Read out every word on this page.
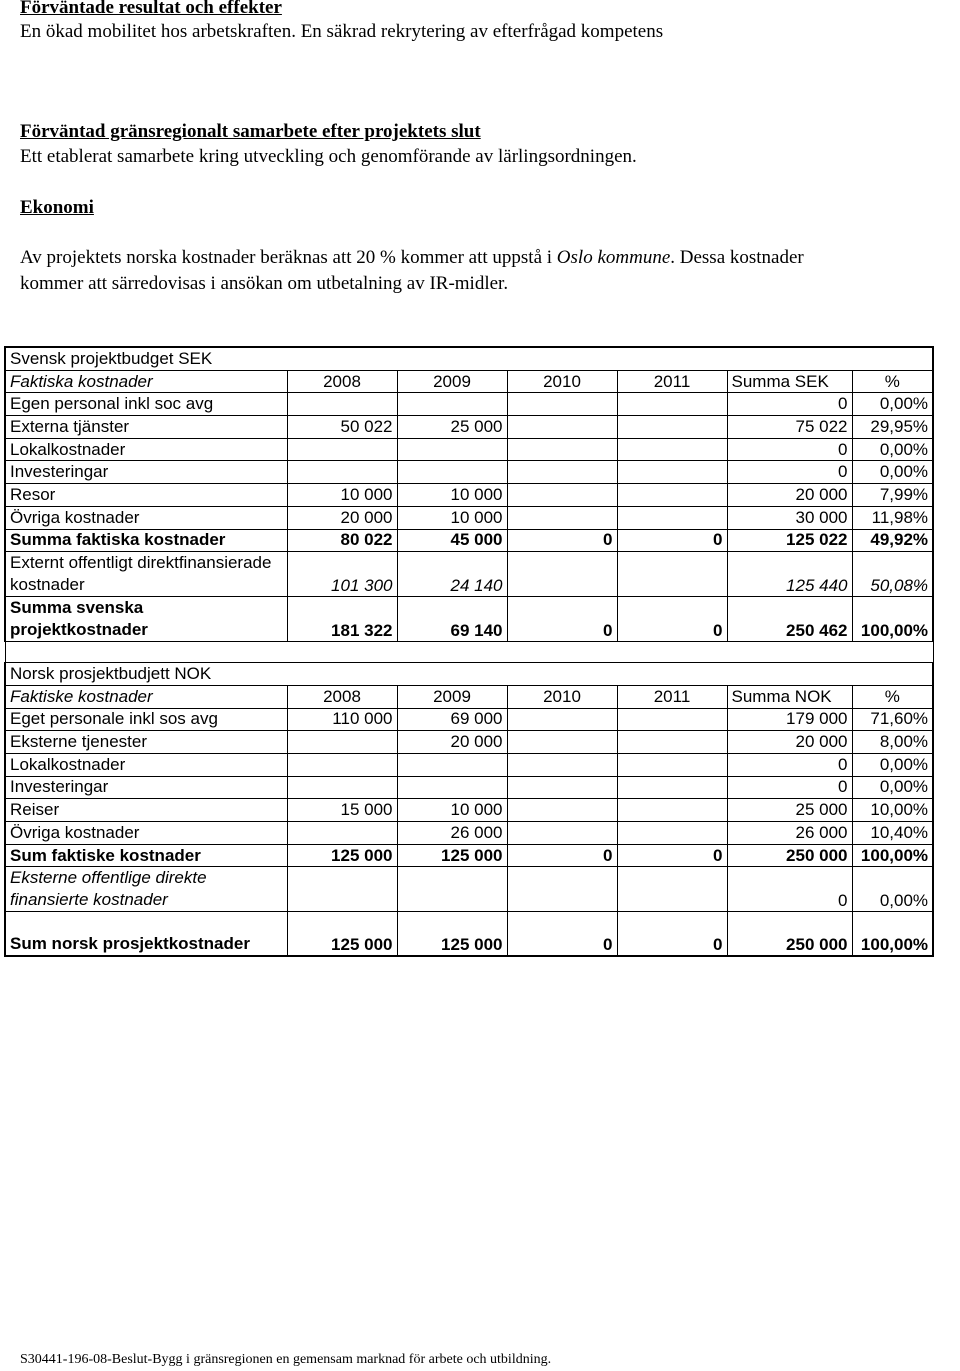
Förväntade resultat och effekter
En ökad mobilitet hos arbetskraften. En säkrad rekrytering av efterfrågad kompetens
Förväntad gränsregionalt samarbete efter projektets slut
Ett etablerat samarbete kring utveckling och genomförande av lärlingsordningen.
Ekonomi
Av projektets norska kostnader beräknas att 20 % kommer att uppstå i Oslo kommune. Dessa kostnader
kommer att särredovisas i ansökan om utbetalning av IR-midler.
Svensk projektbudget SEK						
Faktiska kostnader	2008	2009	2010	2011	Summa SEK	%
Egen personal inkl soc avg					0	0,00%
Externa tjänster	50 022	25 000			75 022	29,95%
Lokalkostnader					0	0,00%
Investeringar					0	0,00%
Resor	10 000	10 000			20 000	7,99%
Övriga kostnader	20 000	10 000			30 000	11,98%
Summa faktiska kostnader	80 022	45 000	0	0	125 022	49,92%
Externt offentligt direktfinansierade kostnader	101 300	24 140			125 440	50,08%
Summa svenska projektkostnader	181 322	69 140	0	0	250 462	100,00%

Norsk prosjektbudjett NOK						
Faktiske kostnader	2008	2009	2010	2011	Summa NOK	%
Eget personale inkl sos avg	110 000	69 000			179 000	71,60%
Eksterne tjenester		20 000			20 000	8,00%
Lokalkostnader					0	0,00%
Investeringar					0	0,00%
Reiser	15 000	10 000			25 000	10,00%
Övriga kostnader		26 000			26 000	10,40%
Sum faktiske kostnader	125 000	125 000	0	0	250 000	100,00%
Eksterne offentlige direkte finansierte kostnader					0	0,00%
Sum norsk prosjektkostnader	125 000	125 000	0	0	250 000	100,00%
S30441-196-08-Beslut-Bygg i gränsregionen en gemensam marknad för arbete och utbildning.
